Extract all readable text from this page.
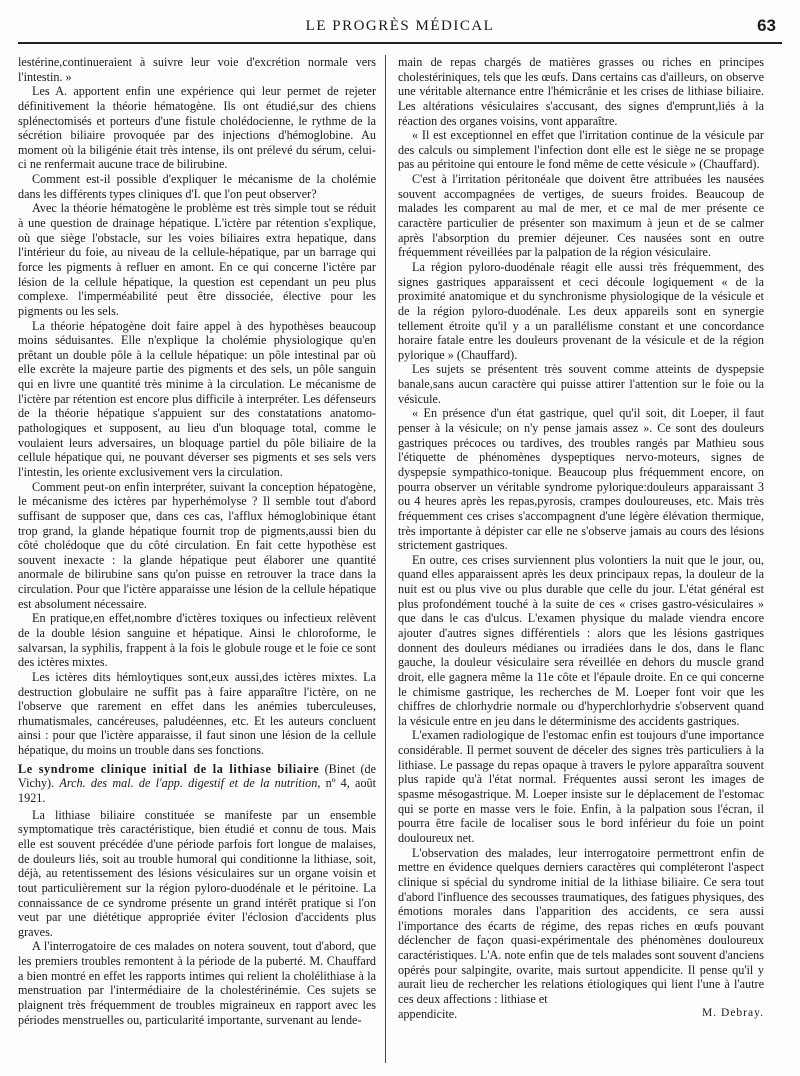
LE PROGRÈS MÉDICAL	63

lestérine,continueraient à suivre leur voie d'excrétion normale vers l'intestin. »

Les A. apportent enfin une expérience qui leur permet de rejeter définitivement la théorie hématogène. Ils ont étudié,sur des chiens splénectomisés et porteurs d'une fistule cholédocienne, le rythme de la sécrétion biliaire provoquée par des injections d'hémoglobine. Au moment où la biligénie était très intense, ils ont prélevé du sérum, celui-ci ne renfermait aucune trace de bilirubine.

Comment est-il possible d'expliquer le mécanisme de la cholémie dans les différents types cliniques d'I. que l'on peut observer?

Avec la théorie hématogène le problème est très simple tout se réduit à une question de drainage hépatique. L'ictère par rétention s'explique, où que siège l'obstacle, sur les voies biliaires extra hepatique, dans l'intérieur du foie, au niveau de la cellule-hépatique, par un barrage qui force les pigments à refluer en amont. En ce qui concerne l'ictère par lésion de la cellule hépatique, la question est cependant un peu plus complexe. l'imperméabilité peut être dissociée, élective pour les pigments ou les sels.

La théorie hépatogène doit faire appel à des hypothèses beaucoup moins séduisantes. Elle n'explique la cholémie physiologique qu'en prêtant un double pôle à la cellule hépatique: un pôle intestinal par où elle excrète la majeure partie des pigments et des sels, un pôle sanguin qui en livre une quantité très minime à la circulation. Le mécanisme de l'ictère par rétention est encore plus difficile à interpréter. Les défenseurs de la théorie hépatique s'appuient sur des constatations anatomo-pathologiques et supposent, au lieu d'un bloquage total, comme le voulaient leurs adversaires, un bloquage partiel du pôle biliaire de la cellule hépatique qui, ne pouvant déverser ses pigments et ses sels vers l'intestin, les oriente exclusivement vers la circulation.

Comment peut-on enfin interpréter, suivant la conception hépatogène, le mécanisme des ictères par hyperhémolyse ? Il semble tout d'abord suffisant de supposer que, dans ces cas, l'afflux hémoglobinique étant trop grand, la glande hépatique fournit trop de pigments,aussi bien du côté cholédoque que du côté circulation. En fait cette hypothèse est souvent inexacte : la glande hépatique peut élaborer une quantité anormale de bilirubine sans qu'on puisse en retrouver la trace dans la circulation. Pour que l'ictère apparaisse une lésion de la cellule hépatique est absolument nécessaire.

En pratique,en effet,nombre d'ictères toxiques ou infectieux relèvent de la double lésion sanguine et hépatique. Ainsi le chloroforme, le salvarsan, la syphilis, frappent à la fois le globule rouge et le foie ce sont des ictères mixtes.

Les ictères dits hémloytiques sont,eux aussi,des ictères mixtes. La destruction globulaire ne suffit pas à faire apparaître l'ictère, on ne l'observe que rarement en effet dans les anémies tuberculeuses, rhumatismales, cancéreuses, paludéennes, etc. Et les auteurs concluent ainsi : pour que l'ictère apparaisse, il faut sinon une lésion de la cellule hépatique, du moins un trouble dans ses fonctions.

Le syndrome clinique initial de la lithiase biliaire (Binet (de Vichy). Arch. des mal. de l'app. digestif et de la nutrition, nº 4, août 1921.

La lithiase biliaire constituée se manifeste par un ensemble symptomatique très caractéristique, bien étudié et connu de tous. Mais elle est souvent précédée d'une période parfois fort longue de malaises, de douleurs liés, soit au trouble humoral qui conditionne la lithiase, soit, déjà, au retentissement des lésions vésiculaires sur un organe voisin et tout particulièrement sur la région pyloro-duodénale et le péritoine. La connaissance de ce syndrome présente un grand intérêt pratique si l'on veut par une diététique appropriée éviter l'éclosion d'accidents plus graves.

A l'interrogatoire de ces malades on notera souvent, tout d'abord, que les premiers troubles remontent à la période de la puberté. M. Chauffard a bien montré en effet les rapports intimes qui relient la cholélithiase à la menstruation par l'intermédiaire de la cholestérinémie. Ces sujets se plaignent très fréquemment de troubles migraineux en rapport avec les périodes menstruelles ou, particularité importante, survenant au lende-

main de repas chargés de matières grasses ou riches en principes cholestériniques, tels que les œufs. Dans certains cas d'ailleurs, on observe une véritable alternance entre l'hémicrânie et les crises de lithiase biliaire. Les altérations vésiculaires s'accusant, des signes d'emprunt,liés à la réaction des organes voisins, vont apparaître.

« Il est exceptionnel en effet que l'irritation continue de la vésicule par des calculs ou simplement l'infection dont elle est le siège ne se propage pas au péritoine qui entoure le fond même de cette vésicule » (Chauffard).

C'est à l'irritation péritonéale que doivent être attribuées les nausées souvent accompagnées de vertiges, de sueurs froides. Beaucoup de malades les comparent au mal de mer, et ce mal de mer présente ce caractère particulier de présenter son maximum à jeun et de se calmer après l'absorption du premier déjeuner. Ces nausées sont en outre fréquemment réveillées par la palpation de la région vésiculaire.

La région pyloro-duodénale réagit elle aussi très fréquemment, des signes gastriques apparaissent et ceci découle logiquement « de la proximité anatomique et du synchronisme physiologique de la vésicule et de la région pyloro-duodénale. Les deux appareils sont en synergie tellement étroite qu'il y a un parallélisme constant et une concordance horaire fatale entre les douleurs provenant de la vésicule et de la région pylorique » (Chauffard).

Les sujets se présentent très souvent comme atteints de dyspepsie banale,sans aucun caractère qui puisse attirer l'attention sur le foie ou la vésicule.

« En présence d'un état gastrique, quel qu'il soit, dit Loeper, il faut penser à la vésicule; on n'y pense jamais assez ». Ce sont des douleurs gastriques précoces ou tardives, des troubles rangés par Mathieu sous l'étiquette de phénomènes dyspeptiques nervo-moteurs, signes de dyspepsie sympathico-tonique. Beaucoup plus fréquemment encore, on pourra observer un véritable syndrome pylorique:douleurs apparaissant 3 ou 4 heures après les repas,pyrosis, crampes douloureuses, etc. Mais très fréquemment ces crises s'accompagnent d'une légère élévation thermique, très importante à dépister car elle ne s'observe jamais au cours des lésions strictement gastriques.

En outre, ces crises surviennent plus volontiers la nuit que le jour, ou, quand elles apparaissent après les deux principaux repas, la douleur de la nuit est ou plus vive ou plus durable que celle du jour. L'état général est plus profondément touché à la suite de ces « crises gastro-vésiculaires » que dans le cas d'ulcus. L'examen physique du malade viendra encore ajouter d'autres signes différentiels : alors que les lésions gastriques donnent des douleurs médianes ou irradiées dans le dos, dans le flanc gauche, la douleur vésiculaire sera réveillée en dehors du muscle grand droit, elle gagnera même la 11e côte et l'épaule droite. En ce qui concerne le chimisme gastrique, les recherches de M. Loeper font voir que les chiffres de chlorhydrie normale ou d'hyperchlorhydrie s'observent quand la vésicule entre en jeu dans le déterminisme des accidents gastriques.

L'examen radiologique de l'estomac enfin est toujours d'une importance considérable. Il permet souvent de déceler des signes très particuliers à la lithiase. Le passage du repas opaque à travers le pylore apparaîtra souvent plus rapide qu'à l'état normal. Fréquentes aussi seront les images de spasme mésogastrique. M. Loeper insiste sur le déplacement de l'estomac qui se porte en masse vers le foie. Enfin, à la palpation sous l'écran, il pourra être facile de localiser sous le bord inférieur du foie un point douloureux net.

L'observation des malades, leur interrogatoire permettront enfin de mettre en évidence quelques derniers caractères qui compléteront l'aspect clinique si spécial du syndrome initial de la lithiase biliaire. Ce sera tout d'abord l'influence des secousses traumatiques, des fatigues physiques, des émotions morales dans l'apparition des accidents, ce sera aussi l'importance des écarts de régime, des repas riches en œufs pouvant déclencher de façon quasi-expérimentale des phénomènes douloureux caractéristiques. L'A. note enfin que de tels malades sont souvent d'anciens opérés pour salpingite, ovarite, mais surtout appendicite. Il pense qu'il y aurait lieu de rechercher les relations étiologiques qui lient l'une à l'autre ces deux affections : lithiase et

appendicite.	M. Debray.
